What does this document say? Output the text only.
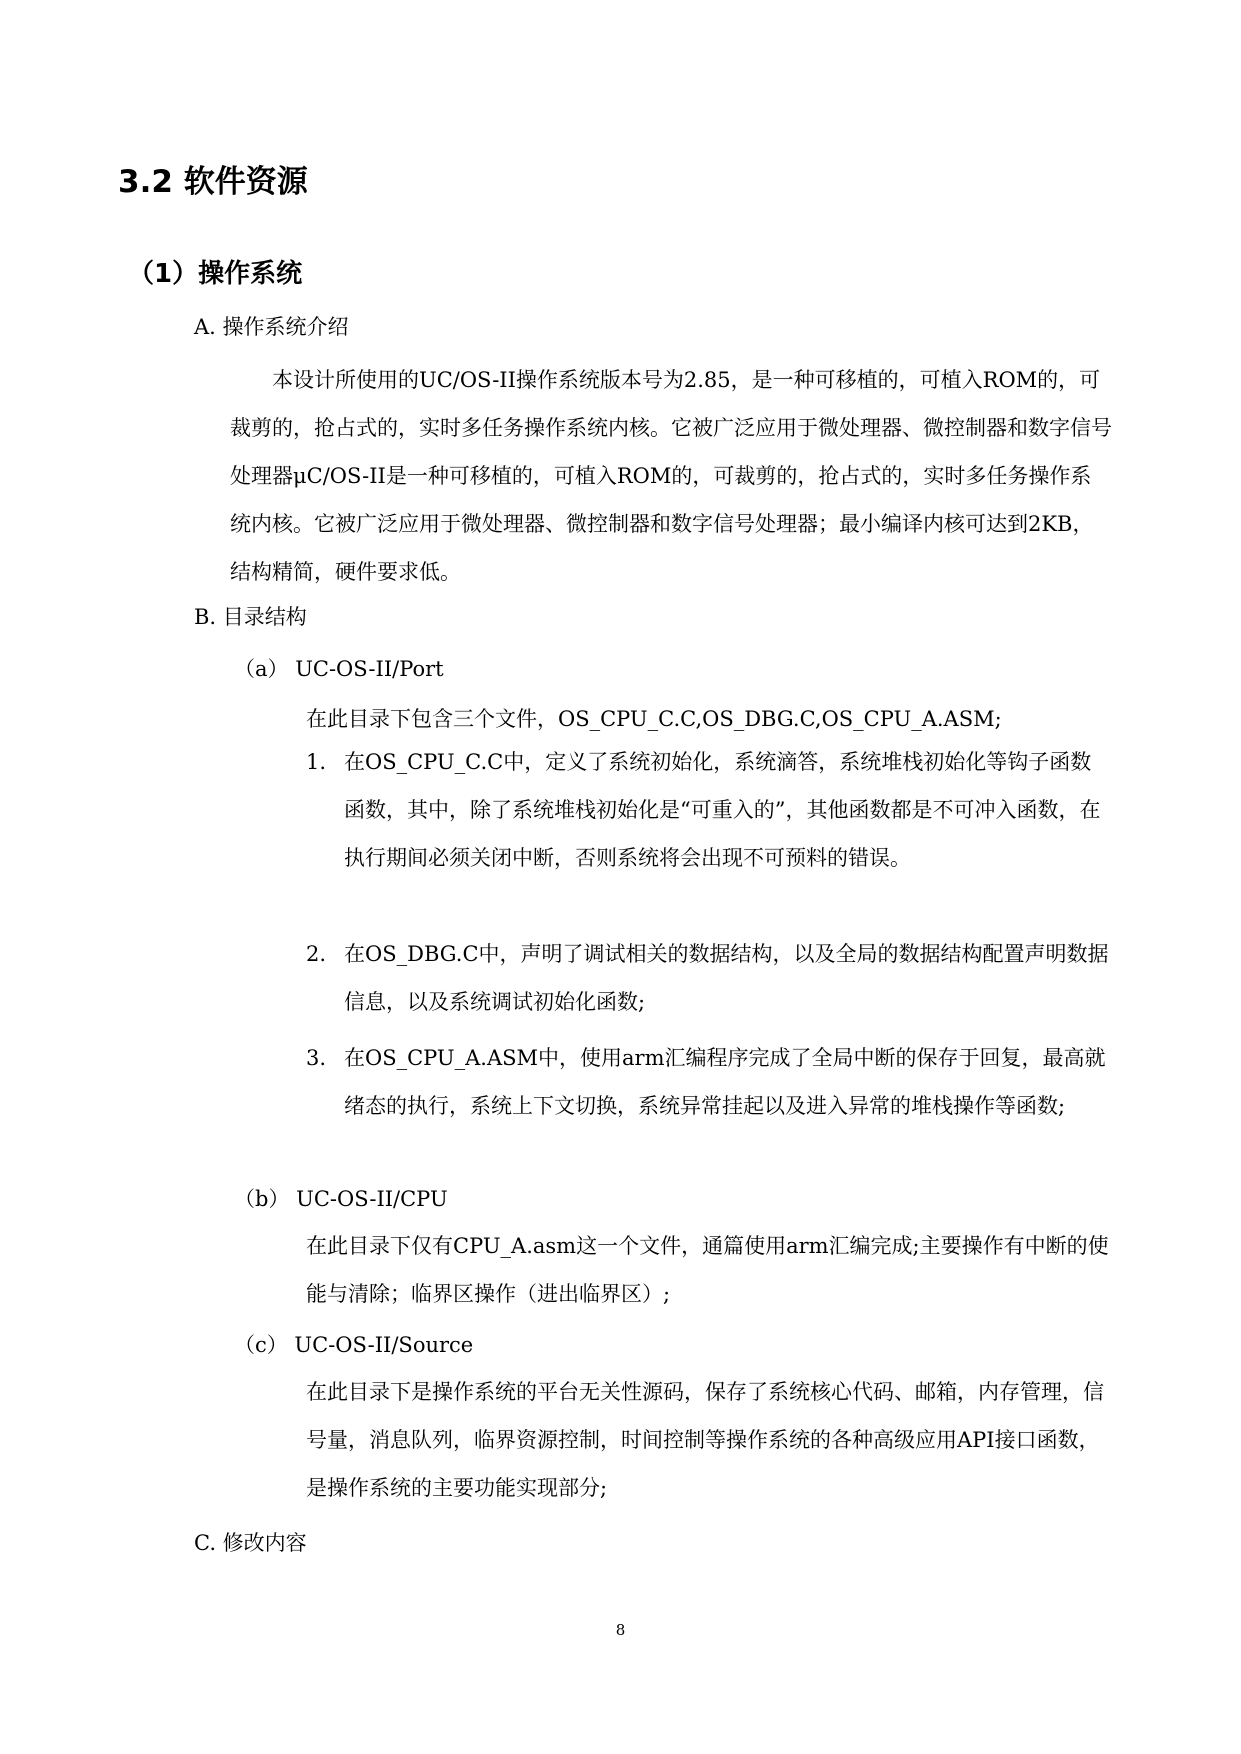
3.2 软件资源
（1）操作系统
A. 操作系统介绍

本设计所使用的UC/OS-II操作系统版本号为2.85，是一种可移植的，可植入ROM的，可裁剪的，抢占式的，实时多任务操作系统内核。它被广泛应用于微处理器、微控制器和数字信号处理器μC/OS-II是一种可移植的，可植入ROM的，可裁剪的，抢占式的，实时多任务操作系统内核。它被广泛应用于微处理器、微控制器和数字信号处理器；最小编译内核可达到2KB，结构精简，硬件要求低。

B. 目录结构
（a） UC-OS-II/Port
在此目录下包含三个文件，OS_CPU_C.C,OS_DBG.C,OS_CPU_A.ASM;
1. 在OS_CPU_C.C中，定义了系统初始化，系统滴答，系统堆栈初始化等钩子函数函数，其中，除了系统堆栈初始化是“可重入的”，其他函数都是不可冲入函数，在执行期间必须关闭中断，否则系统将会出现不可预料的错误。
2. 在OS_DBG.C中，声明了调试相关的数据结构，以及全局的数据结构配置声明数据信息，以及系统调试初始化函数;
3. 在OS_CPU_A.ASM中，使用arm汇编程序完成了全局中断的保存于回复，最高就绪态的执行，系统上下文切换，系统异常挂起以及进入异常的堆栈操作等函数;
（b） UC-OS-II/CPU

在此目录下仅有CPU_A.asm这一个文件，通篇使用arm汇编完成;主要操作有中断的使能与清除；临界区操作（进出临界区）;

（c） UC-OS-II/Source

在此目录下是操作系统的平台无关性源码，保存了系统核心代码、邮箱，内存管理，信号量，消息队列，临界资源控制，时间控制等操作系统的各种高级应用API接口函数，是操作系统的主要功能实现部分;

C. 修改内容
8
